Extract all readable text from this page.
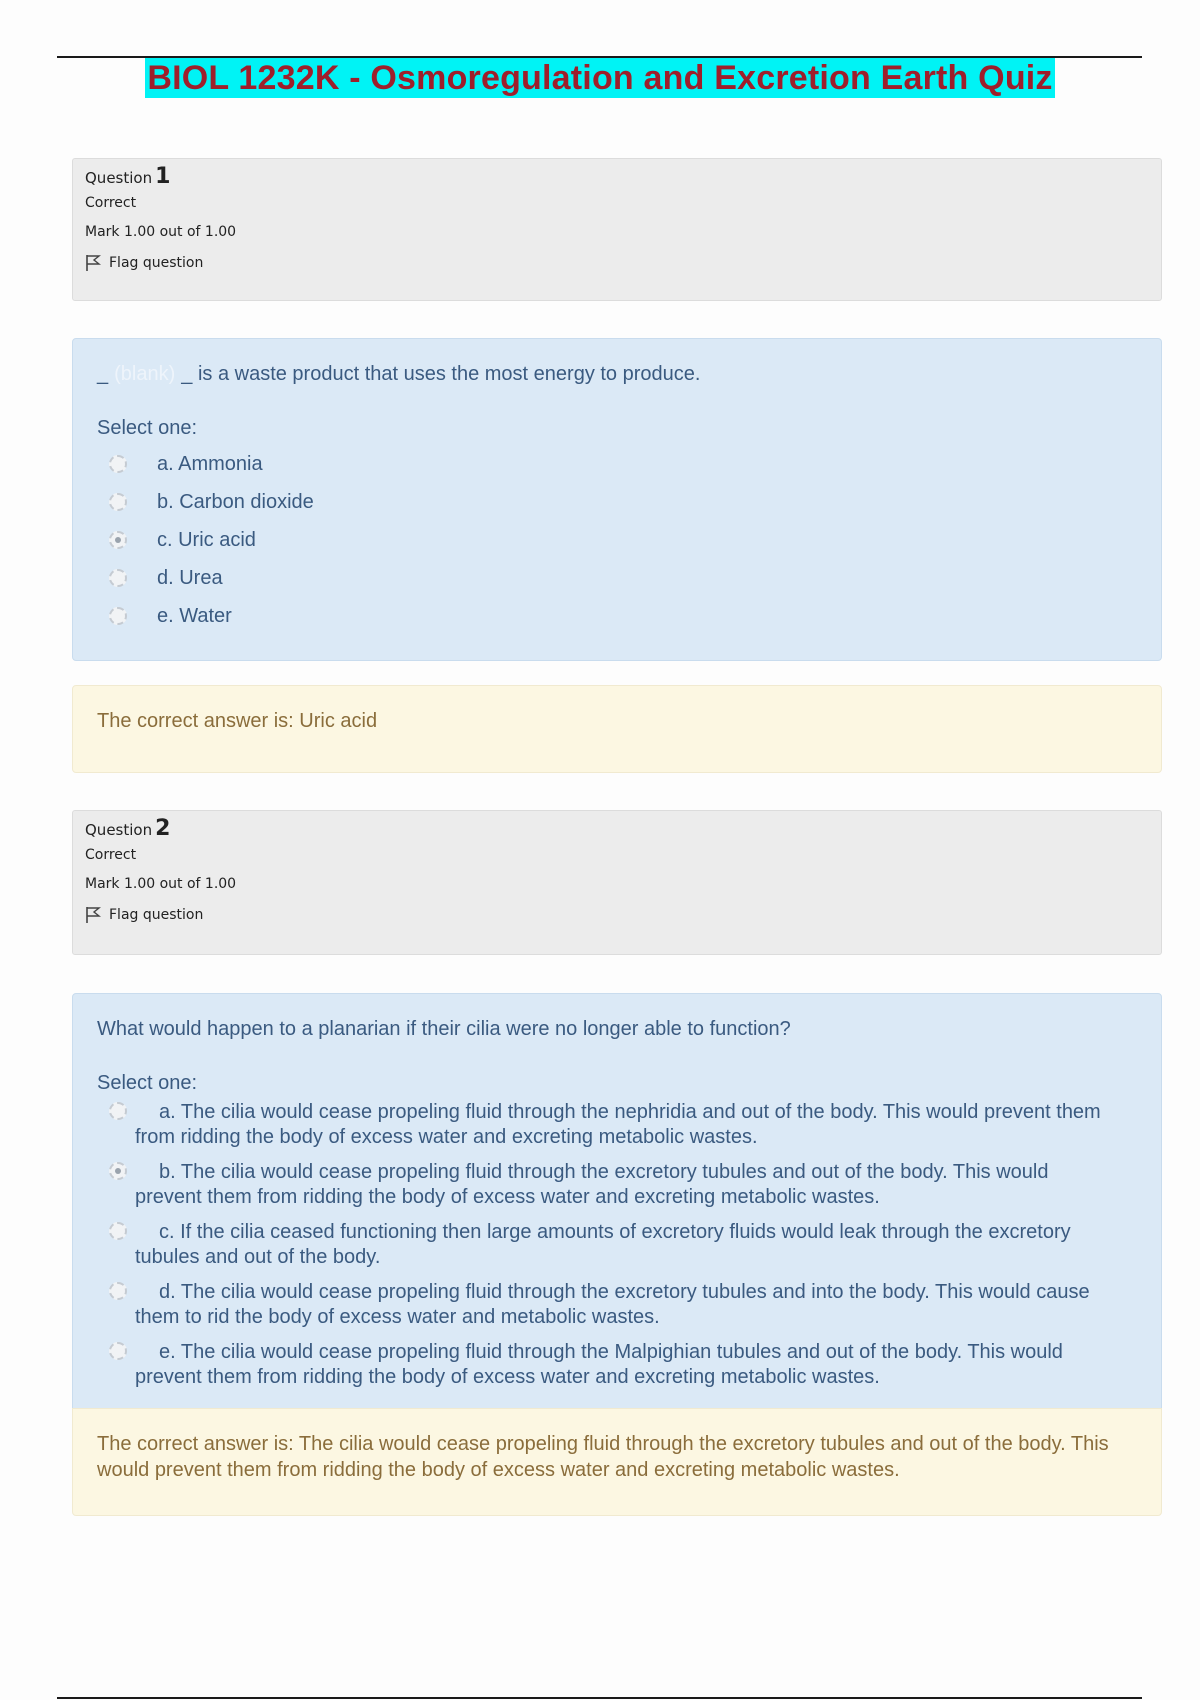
BIOL 1232K - Osmoregulation and Excretion Earth Quiz
Question 1
Correct
Mark 1.00 out of 1.00
Flag question
_ (blank) _ is a waste product that uses the most energy to produce.
Select one:
a. Ammonia
b. Carbon dioxide
c. Uric acid
d. Urea
e. Water
The correct answer is: Uric acid
Question 2
Correct
Mark 1.00 out of 1.00
Flag question
What would happen to a planarian if their cilia were no longer able to function?
Select one:
a. The cilia would cease propeling fluid through the nephridia and out of the body. This would prevent them from ridding the body of excess water and excreting metabolic wastes.
b. The cilia would cease propeling fluid through the excretory tubules and out of the body. This would prevent them from ridding the body of excess water and excreting metabolic wastes.
c. If the cilia ceased functioning then large amounts of excretory fluids would leak through the excretory tubules and out of the body.
d. The cilia would cease propeling fluid through the excretory tubules and into the body. This would cause them to rid the body of excess water and metabolic wastes.
e. The cilia would cease propeling fluid through the Malpighian tubules and out of the body. This would prevent them from ridding the body of excess water and excreting metabolic wastes.
The correct answer is: The cilia would cease propeling fluid through the excretory tubules and out of the body. This would prevent them from ridding the body of excess water and excreting metabolic wastes.
